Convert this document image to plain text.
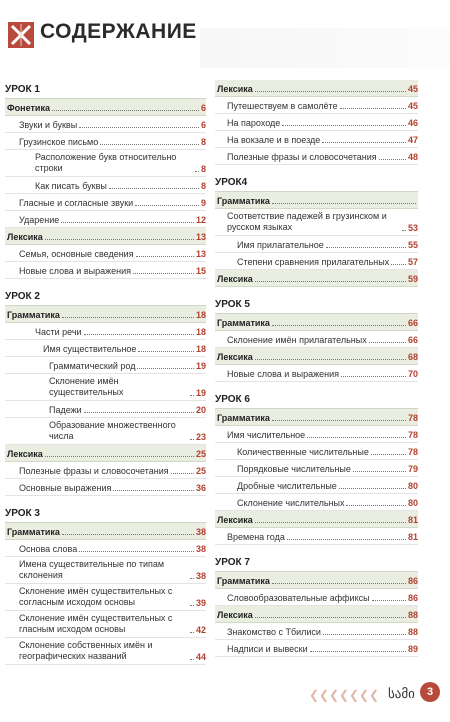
СОДЕРЖАНИЕ
УРОК 1
Фонетика	6
Звуки и буквы	6
Грузинское письмо	8
Расположение букв относительно строки	8
Как писать буквы	8
Гласные и согласные звуки	9
Ударение	12
Лексика	13
Семья, основные сведения	13
Новые слова и выражения	15
УРОК 2
Грамматика	18
Части речи	18
Имя существительное	18
Грамматический род	19
Склонение имён существительных	19
Падежи	20
Образование множественного числа	23
Лексика	25
Полезные фразы и словосочетания	25
Основные выражения	36
УРОК 3
Грамматика	38
Основа слова	38
Имена существительные по типам склонения	38
Склонение имён существительных с согласным исходом основы	39
Склонение имён существительных с гласным исходом основы	42
Склонение собственных имён и географических названий	44
Лексика	45
Путешествуем в самолёте	45
На пароходе	46
На вокзале и в поезде	47
Полезные фразы и словосочетания	48
УРОК4
Грамматика
Соответствие падежей в грузинском и русском языках	53
Имя прилагательное	55
Степени сравнения прилагательных 57
Лексика	59
УРОК 5
Грамматика	66
Склонение имён прилагательных	66
Лексика	68
Новые слова и выражения	70
УРОК 6
Грамматика	78
Имя числительное	78
Количественные числительные	78
Порядковые числительные	79
Дробные числительные	80
Склонение числительных	80
Лексика	81
Времена года	81
УРОК 7
Грамматика	86
Словообразовательные аффиксы	86
Лексика	88
Знакомство с Тбилиси	88
Надписи и вывески	89
❮ ❮ ❮ ❮ ❮ ❮ ❮ სამი	3
